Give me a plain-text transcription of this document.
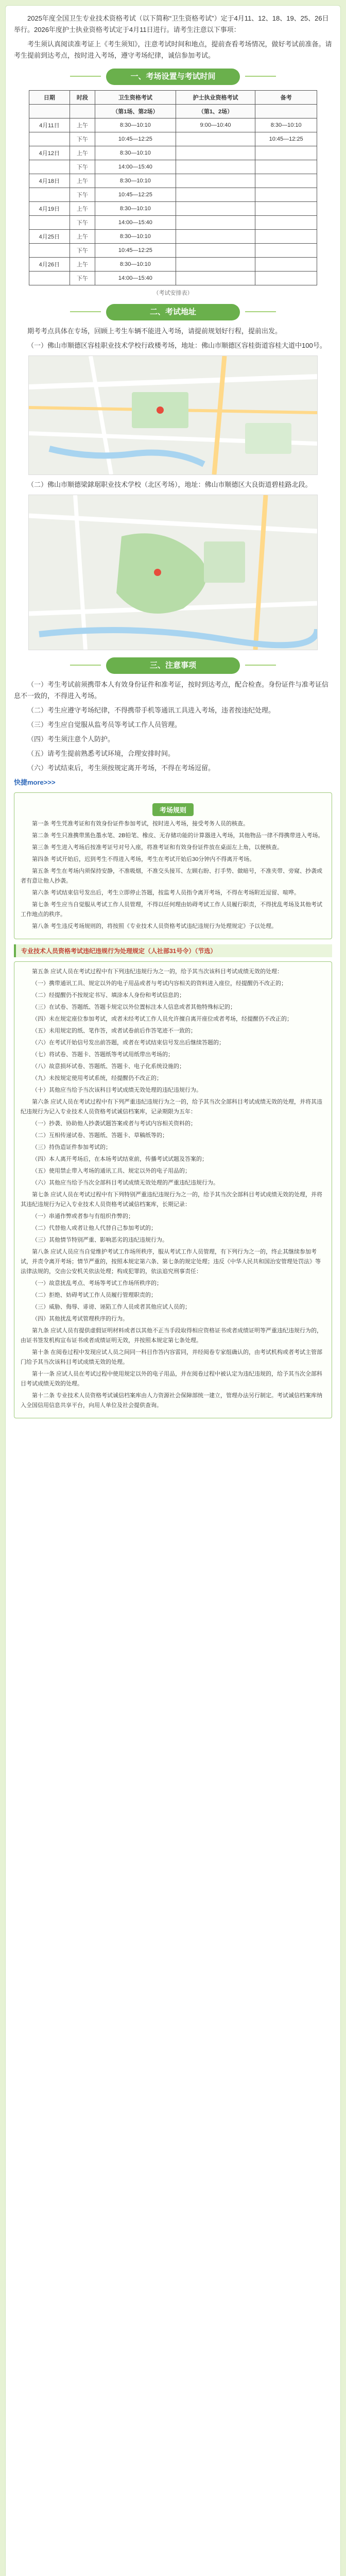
2025年度全国卫生专业技术资格考试（以下简称“卫生资格考试”）定于4月11、12、18、19、25、26日举行。2026年度护士执业资格考试定于4月11日进行。请考生注意以下事项：

考生须认真阅读准考证上《考生须知》，注意考试时间和地点，提前查看考场情况，做好考试前准备。请考生提前到达考点，按时进入考场，遵守考场纪律，诚信参加考试。

一、考场设置与考试时间
日期	时段	卫生资格考试	护士执业资格考试	备考
		（第1场、第2场）	（第1、2场）	
4月11日	上午	8:30—10:10	9:00—10:40	8:30—10:10
	下午	10:45—12:25		10:45—12:25
4月12日	上午	8:30—10:10		
	下午	14:00—15:40		
4月18日	上午	8:30—10:10		
	下午	10:45—12:25		
4月19日	上午	8:30—10:10		
	下午	14:00—15:40		
4月25日	上午	8:30—10:10		
	下午	10:45—12:25		
4月26日	上午	8:30—10:10		
	下午	14:00—15:40		
（考试安排表）
二、考试地址

期考考点具体在专场，回顾上考生车辆不能进入考场，请提前规划好行程，提前出发。

（一）佛山市顺德区容桂职业技术学校行政楼考场，地址：佛山市顺德区容桂街道容桂大道中100号。

（二）佛山市顺德梁銶琚职业技术学校（北区考场），地址：佛山市顺德区大良街道碧桂路北段。

三、注意事项

（一）考生考试前须携带本人有效身份证件和准考证，按时到达考点，配合检查。身份证件与准考证信息不一致的，不得进入考场。

（二）考生应遵守考场纪律，不得携带手机等通讯工具进入考场，违者按违纪处理。

（三）考生应自觉服从监考员等考试工作人员管理。

（四）考生须注意个人防护。

（五）请考生提前熟悉考试环境，合理安排时间。

（六）考试结束后，考生须按规定离开考场，不得在考场逗留。

快捷more>>>

考场规则

第一条 考生凭准考证和有效身份证件参加考试，按时进入考场，接受考务人员的核查。

第二条 考生只准携带黑色墨水笔、2B铅笔、橡皮、无存储功能的计算器进入考场，其他物品一律不得携带进入考场。

第三条 考生进入考场后按准考证号对号入座，将准考证和有效身份证件放在桌面左上角，以便核查。

第四条 考试开始后，迟到考生不得进入考场，考生在考试开始后30分钟内不得离开考场。

第五条 考生在考场内须保持安静，不准吸烟，不准交头接耳、左顾右盼、打手势、做暗号，不准夹带、旁窥、抄袭或者有意让他人抄袭。

第六条 考试结束信号发出后，考生立即停止答题，按监考人员指令离开考场，不得在考场附近逗留、喧哗。

第七条 考生应当自觉服从考试工作人员管理，不得以任何理由妨碍考试工作人员履行职责，不得扰乱考场及其他考试工作地点的秩序。

第八条 考生违反考场规则的，将按照《专业技术人员资格考试违纪违规行为处理规定》予以处理。

专业技术人员资格考试违纪违规行为处理规定（人社部31号令）（节选）

第五条 应试人员在考试过程中有下列违纪违规行为之一的，给予其当次该科目考试成绩无效的处理：

（一）携带通讯工具、规定以外的电子用品或者与考试内容相关的资料进入座位，经提醒仍不改正的；

（二）经提醒仍不按规定书写、填涂本人身份和考试信息的；

（三）在试卷、答题纸、答题卡规定以外位置标注本人信息或者其他特殊标记的；

（四）未在规定座位参加考试，或者未经考试工作人员允许擅自离开座位或者考场，经提醒仍不改正的；

（五）未用规定的纸、笔作答，或者试卷前后作答笔迹不一致的；

（六）在考试开始信号发出前答题，或者在考试结束信号发出后继续答题的；

（七）将试卷、答题卡、答题纸等考试用纸带出考场的；

（八）故意损坏试卷、答题纸、答题卡、电子化系统设施的；

（九）未按规定使用考试系统，经提醒仍不改正的；

（十）其他应当给予当次该科目考试成绩无效处理的违纪违规行为。

第六条 应试人员在考试过程中有下列严重违纪违规行为之一的，给予其当次全部科目考试成绩无效的处理，并将其违纪违规行为记入专业技术人员资格考试诚信档案库，记录期限为五年：

（一）抄袭、协助他人抄袭试题答案或者与考试内容相关资料的；

（二）互相传递试卷、答题纸、答题卡、草稿纸等的；

（三）持伪造证件参加考试的；

（四）本人离开考场后，在本场考试结束前，传播考试试题及答案的；

（五）使用禁止带入考场的通讯工具、规定以外的电子用品的；

（六）其他应当给予当次全部科目考试成绩无效处理的严重违纪违规行为。

第七条 应试人员在考试过程中有下列特别严重违纪违规行为之一的，给予其当次全部科目考试成绩无效的处理，并将其违纪违规行为记入专业技术人员资格考试诚信档案库，长期记录：

（一）串通作弊或者参与有组织作弊的；

（二）代替他人或者让他人代替自己参加考试的；

（三）其他情节特别严重、影响恶劣的违纪违规行为。

第八条 应试人员应当自觉维护考试工作场所秩序，服从考试工作人员管理，有下列行为之一的，终止其继续参加考试，并责令离开考场；情节严重的，按照本规定第六条、第七条的规定处理；违反《中华人民共和国治安管理处罚法》等法律法规的，交由公安机关依法处理；构成犯罪的，依法追究刑事责任：

（一）故意扰乱考点、考场等考试工作场所秩序的；

（二）拒绝、妨碍考试工作人员履行管理职责的；

（三）威胁、侮辱、诽谤、诬陷工作人员或者其他应试人员的；

（四）其他扰乱考试管理秩序的行为。

第九条 应试人员有提供虚假证明材料或者以其他不正当手段取得相应资格证书或者成绩证明等严重违纪违规行为的，由证书签发机构宣布证书或者成绩证明无效，并按照本规定第七条处理。

第十条 在阅卷过程中发现应试人员之间同一科目作答内容雷同，并经阅卷专家组确认的，由考试机构或者考试主管部门给予其当次该科目考试成绩无效的处理。

第十一条 应试人员在考试过程中使用规定以外的电子用品，并在阅卷过程中被认定为违纪违规的，给予其当次全部科目考试成绩无效的处理。

第十二条 专业技术人员资格考试诚信档案库由人力资源社会保障部统一建立，管理办法另行制定。考试诚信档案库纳入全国信用信息共享平台，向用人单位及社会提供查询。
